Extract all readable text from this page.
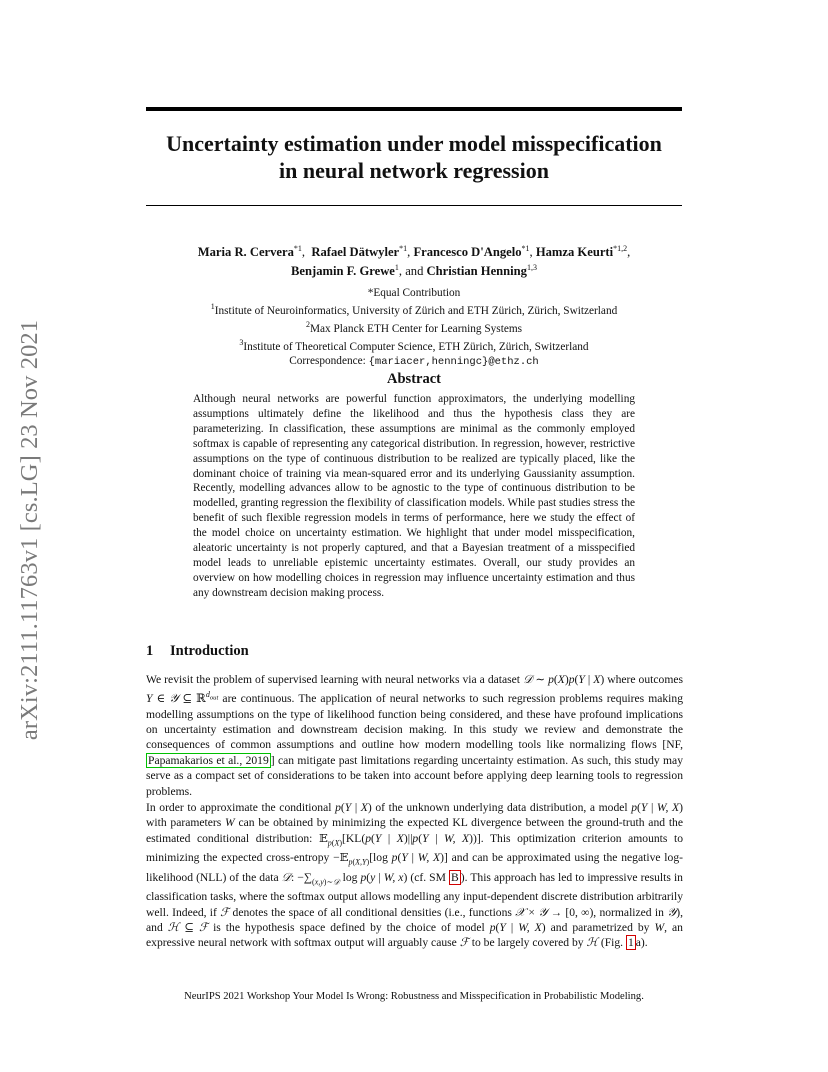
arXiv:2111.11763v1 [cs.LG] 23 Nov 2021
Uncertainty estimation under model misspecification
in neural network regression
Maria R. Cervera$^{*1}$,  Rafael Dätwyler$^{*1}$, Francesco D'Angelo$^{*1}$, Hamza Keurti$^{*1,2}$,
Benjamin F. Grewe$^1$, and Christian Henning$^{1,3}$
*Equal Contribution
$^1$Institute of Neuroinformatics, University of Zürich and ETH Zürich, Zürich, Switzerland
$^2$Max Planck ETH Center for Learning Systems
$^3$Institute of Theoretical Computer Science, ETH Zürich, Zürich, Switzerland
Correspondence: {mariacer,henningc}@ethz.ch
Abstract
Although neural networks are powerful function approximators, the underlying modelling assumptions ultimately define the likelihood and thus the hypothesis class they are parameterizing. In classification, these assumptions are minimal as the commonly employed softmax is capable of representing any categorical distribution. In regression, however, restrictive assumptions on the type of continuous distribution to be realized are typically placed, like the dominant choice of training via mean-squared error and its underlying Gaussianity assumption. Recently, modelling advances allow to be agnostic to the type of continuous distribution to be modelled, granting regression the flexibility of classification models. While past studies stress the benefit of such flexible regression models in terms of performance, here we study the effect of the model choice on uncertainty estimation. We highlight that under model misspecification, aleatoric uncertainty is not properly captured, and that a Bayesian treatment of a misspecified model leads to unreliable epistemic uncertainty estimates. Overall, our study provides an overview on how modelling choices in regression may influence uncertainty estimation and thus any downstream decision making process.
1 Introduction

We revisit the problem of supervised learning with neural networks via a dataset 𝒟 ∼ p(X)p(Y | X) where outcomes Y ∈ 𝒴 ⊆ ℝ$^{d_{out}}$ are continuous. The application of neural networks to such regression problems requires making modelling assumptions on the type of likelihood function being considered, and these have profound implications on uncertainty estimation and downstream decision making. In this study we review and demonstrate the consequences of common assumptions and outline how modern modelling tools like normalizing flows [NF, Papamakarios et al., 2019 ] can mitigate past limitations regarding uncertainty estimation. As such, this study may serve as a compact set of considerations to be taken into account before applying deep learning tools to regression problems.

In order to approximate the conditional p(Y | X) of the unknown underlying data distribution, a model p(Y | W, X) with parameters W can be obtained by minimizing the expected KL divergence between the ground-truth and the estimated conditional distribution: 𝔼$_{p(X)}$[KL(p(Y | X)||p(Y | W, X))]. This optimization criterion amounts to minimizing the expected cross-entropy −𝔼$_{p(X,Y)}$[log p(Y | W, X)] and can be approximated using the negative log-likelihood (NLL) of the data 𝒟: $-\sum_{(x,y)\sim 𝒟}$ log p(y | W, x) (cf. SM B ). This approach has led to impressive results in classification tasks, where the softmax output allows modelling any input-dependent discrete distribution arbitrarily well. Indeed, if ℱ denotes the space of all conditional densities (i.e., functions 𝒳 × 𝒴 → [0, ∞), normalized in 𝒴), and ℋ ⊆ ℱ is the hypothesis space defined by the choice of model p(Y | W, X) and parametrized by W, an expressive neural network with softmax output will arguably cause ℱ to be largely covered by ℋ (Fig. 1 a).

NeurIPS 2021 Workshop Your Model Is Wrong: Robustness and Misspecification in Probabilistic Modeling.
